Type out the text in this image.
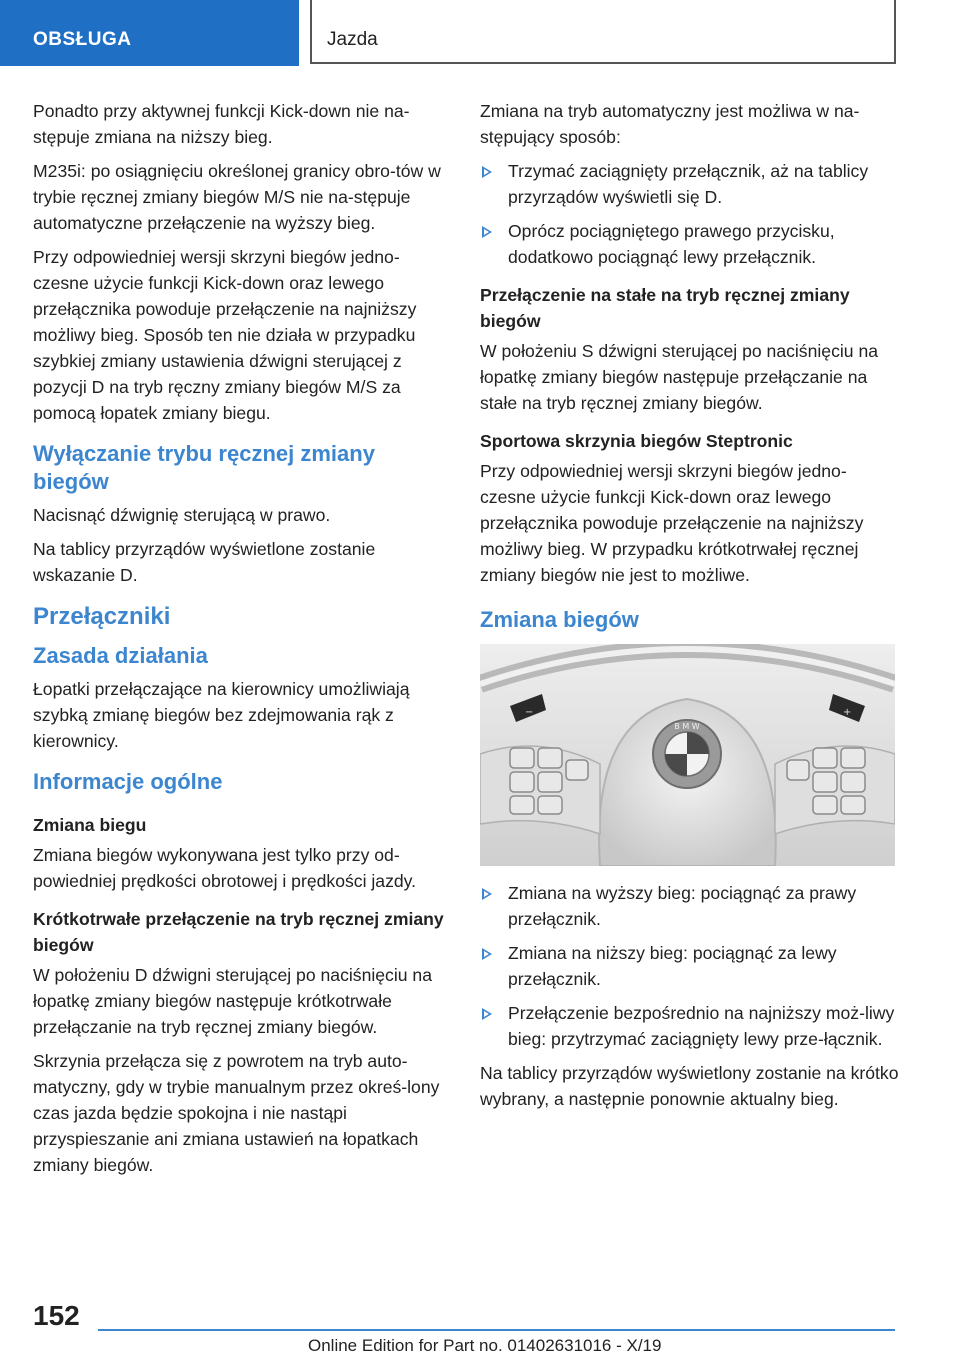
OBSŁUGA	Jazda
Ponadto przy aktywnej funkcji Kick-down nie na-stępuje zmiana na niższy bieg.
M235i: po osiągnięciu określonej granicy obro-tów w trybie ręcznej zmiany biegów M/S nie na-stępuje automatyczne przełączenie na wyższy bieg.
Przy odpowiedniej wersji skrzyni biegów jedno-czesne użycie funkcji Kick-down oraz lewego przełącznika powoduje przełączenie na najniższy możliwy bieg. Sposób ten nie działa w przypadku szybkiej zmiany ustawienia dźwigni sterującej z pozycji D na tryb ręczny zmiany biegów M/S za pomocą łopatek zmiany biegu.
Wyłączanie trybu ręcznej zmiany biegów
Nacisnąć dźwignię sterującą w prawo.
Na tablicy przyrządów wyświetlone zostanie wskazanie D.
Przełączniki
Zasada działania
Łopatki przełączające na kierownicy umożliwiają szybką zmianę biegów bez zdejmowania rąk z kierownicy.
Informacje ogólne
Zmiana biegu
Zmiana biegów wykonywana jest tylko przy od-powiedniej prędkości obrotowej i prędkości jazdy.
Krótkotrwałe przełączenie na tryb ręcznej zmiany biegów
W położeniu D dźwigni sterującej po naciśnięciu na łopatkę zmiany biegów następuje krótkotrwałe przełączanie na tryb ręcznej zmiany biegów.
Skrzynia przełącza się z powrotem na tryb auto-matyczny, gdy w trybie manualnym przez okreś-lony czas jazda będzie spokojna i nie nastąpi przyspieszanie ani zmiana ustawień na łopatkach zmiany biegów.
Zmiana na tryb automatyczny jest możliwa w na-stępujący sposób:
Trzymać zaciągnięty przełącznik, aż na tablicy przyrządów wyświetli się D.
Oprócz pociągniętego prawego przycisku, dodatkowo pociągnąć lewy przełącznik.
Przełączenie na stałe na tryb ręcznej zmiany biegów
W położeniu S dźwigni sterującej po naciśnięciu na łopatkę zmiany biegów następuje przełączanie na stałe na tryb ręcznej zmiany biegów.
Sportowa skrzynia biegów Steptronic
Przy odpowiedniej wersji skrzyni biegów jedno-czesne użycie funkcji Kick-down oraz lewego przełącznika powoduje przełączenie na najniższy możliwy bieg. W przypadku krótkotrwałej ręcznej zmiany biegów nie jest to możliwe.
Zmiana biegów
−	+
B M W
Zmiana na wyższy bieg: pociągnąć za prawy przełącznik.
Zmiana na niższy bieg: pociągnąć za lewy przełącznik.
Przełączenie bezpośrednio na najniższy moż-liwy bieg: przytrzymać zaciągnięty lewy prze-łącznik.
Na tablicy przyrządów wyświetlony zostanie na krótko wybrany, a następnie ponownie aktualny bieg.
152
Online Edition for Part no. 01402631016 - X/19
